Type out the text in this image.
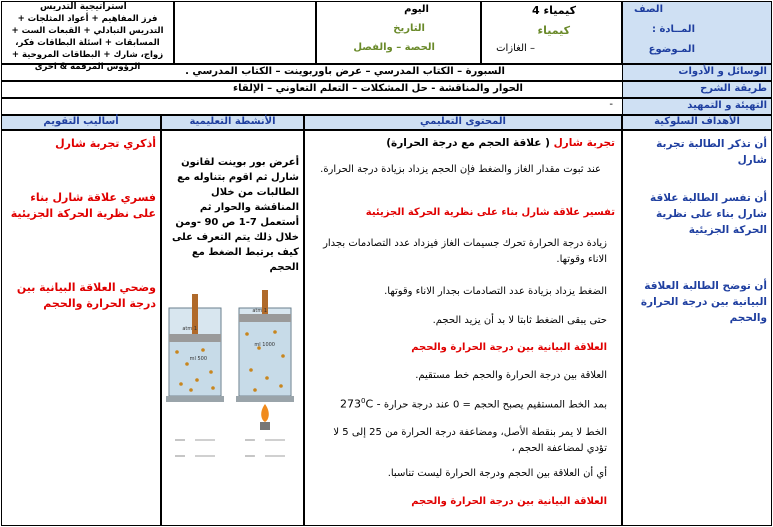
الصف
المــادة :
المـوضوع
كيمياء 4
كيمياء
– الغازات
اليوم
التاريخ
الحصة – والفصل
استراتيجية التدريس
فرز المفاهيم + أعواد المثلجات + التدريس التبادلي + القبعات الست + المسابقات + اسئلة البطاقات فكر، زواج، شارك + البطاقات المروحية + الرؤوس المرقمة & اخرى	الوسائل و الأدوات
السبورة – الكتاب المدرسي – عرض باوربوينت – الكتاب المدرسي .
طريقة الشرح
الحوار والمناقشة - حل المشكلات – التعلم التعاوني – الإلقاء
التهيئة و التمهيد
-
الأهداف السلوكية
المحتوى التعليمي
الأنشطة التعليمية
أساليب التقويم
أن تذكر الطالبة تجربة شارل
أن تفسر الطالبة علاقة شارل بناء على نظرية الحركة الجزيئية
أن توضح الطالبة العلاقة البيانية بين درجة الحرارة والحجم
تجربة شارل ( علاقة الحجم مع درجة الحرارة)
عند ثبوت مقدار الغاز والضغط فإن الحجم يزداد بزيادة درجة الحرارة.
تفسير علاقة شارل بناء على نظرية الحركة الجزيئية
زيادة درجة الحرارة تحرك جسيمات الغاز فيزداد عدد التصادمات بجدار الاناء وقوتها.
الضغط يزداد بزيادة عدد التصادمات بجدار الاناء وقوتها.
حتى يبقى الضغط ثابتا لا بد أن يزيد الحجم.
العلاقة البيانية بين درجة الحرارة والحجم
العلاقة بين درجة الحرارة والحجم خط مستقيم.
بمد الخط المستقيم يصبح الحجم = 0 عند درجة حرارة - $273^0C$
الخط لا يمر بنقطة الأصل، ومضاعفة درجة الحرارة من 25 إلى 5 لا تؤدي لمضاعفة الحجم ،
أي أن العلاقة بين الحجم ودرجة الحرارة ليست تناسبا.
العلاقة البيانية بين درجة الحرارة والحجم
أعرض بور بوينت لقانون شارل ثم اقوم بتناوله مع الطالبات من خلال المناقشة والحوار ثم أستعمل 7-1 ص 90 -ومن خلال ذلك يتم التعرف على كيف يرتبط الضغط مع الحجم
1 atm
500 ml
1 atm
1000 ml
أذكري تجربة شارل
فسري علاقة شارل بناء على نظرية الحركة الجزيئية
وضحي العلاقة البيانية بين درجة الحرارة والحجم
